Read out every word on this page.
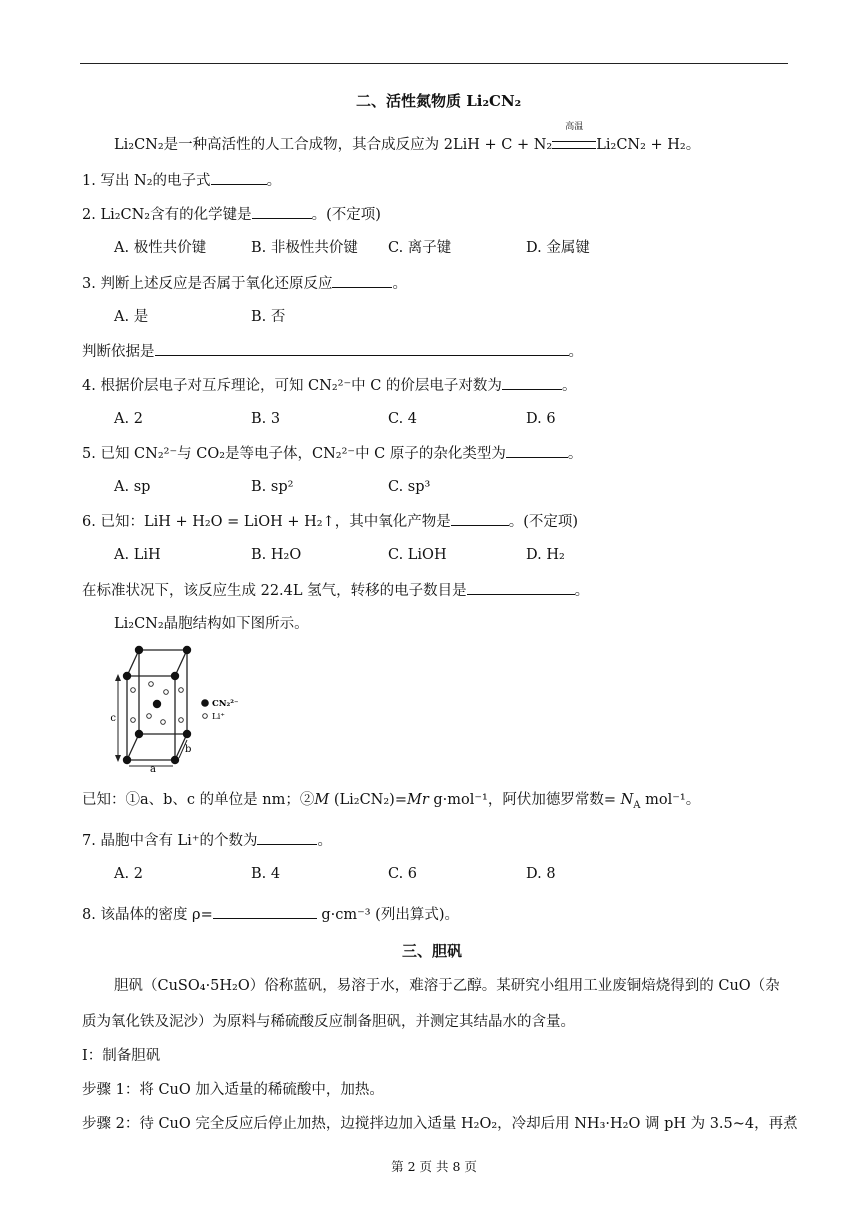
二、活性氮物质 Li₂CN₂
Li₂CN₂是一种高活性的人工合成物，其合成反应为 2LiH + C + N₂
高温
Li₂CN₂ + H₂。
1. 写出 N₂的电子式	。
2. Li₂CN₂含有的化学键是	。(不定项)
A. 极性共价键	B. 非极性共价键 C. 离子键	D. 金属键
3. 判断上述反应是否属于氧化还原反应	。
A. 是	B. 否
判断依据是	。
4. 根据价层电子对互斥理论，可知 CN₂²⁻中 C 的价层电子对数为	。
A. 2	B. 3	C. 4	D. 6
5. 已知 CN₂²⁻与 CO₂是等电子体，CN₂²⁻中 C 原子的杂化类型为	。
A. sp	B. sp²	C. sp³
6. 已知：LiH + H₂O = LiOH + H₂↑，其中氧化产物是	。(不定项)
A. LiH	B. H₂O	C. LiOH	D. H₂
在标准状况下，该反应生成 22.4L 氢气，转移的电子数目是	。
Li₂CN₂晶胞结构如下图所示。
c
a
b
CN₂²⁻
Li⁺
已知：①a、b、c 的单位是 nm；②M (Li₂CN₂)=Mr g·mol⁻¹，阿伏加德罗常数= $N_A$ mol⁻¹。
7. 晶胞中含有 Li⁺的个数为	。
A. 2	B. 4	C. 6	D. 8
8. 该晶体的密度 ρ=	g·cm⁻³ (列出算式)。
三、胆矾
胆矾（CuSO₄·5H₂O）俗称蓝矾，易溶于水，难溶于乙醇。某研究小组用工业废铜焙烧得到的 CuO（杂
质为氧化铁及泥沙）为原料与稀硫酸反应制备胆矾，并测定其结晶水的含量。
I：制备胆矾
步骤 1：将 CuO 加入适量的稀硫酸中，加热。
步骤 2：待 CuO 完全反应后停止加热，边搅拌边加入适量 H₂O₂，冷却后用 NH₃·H₂O 调 pH 为 3.5~4，再煮
第 2 页 共 8 页
